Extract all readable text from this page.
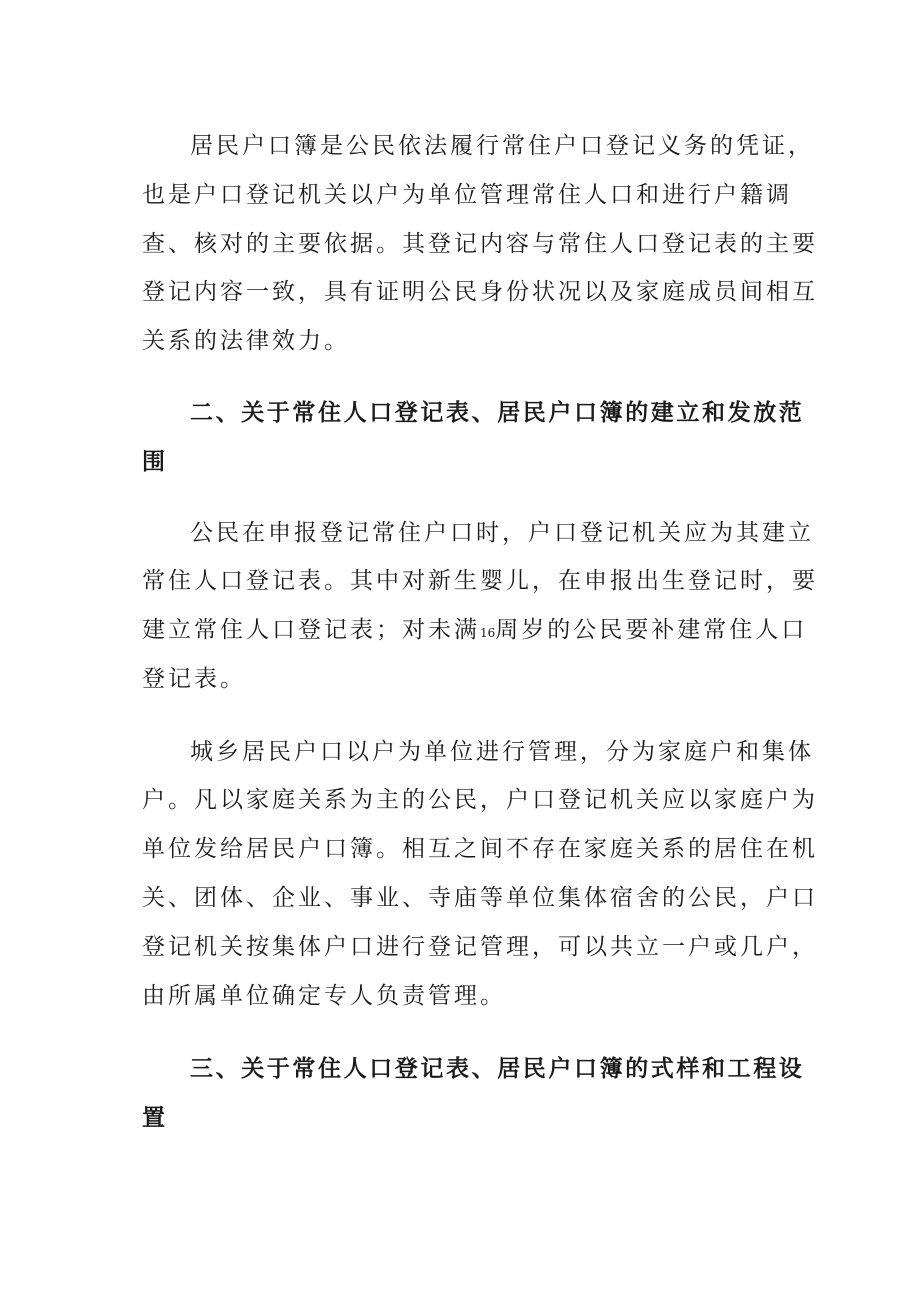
居民户口簿是公民依法履行常住户口登记义务的凭证，
也是户口登记机关以户为单位管理常住人口和进行户籍调
查、核对的主要依据。其登记内容与常住人口登记表的主要
登记内容一致，具有证明公民身份状况以及家庭成员间相互
关系的法律效力。
二、关于常住人口登记表、居民户口簿的建立和发放范
围
公民在申报登记常住户口时，户口登记机关应为其建立
常住人口登记表。其中对新生婴儿，在申报出生登记时，要
建立常住人口登记表；对未满16周岁的公民要补建常住人口
登记表。
城乡居民户口以户为单位进行管理，分为家庭户和集体
户。凡以家庭关系为主的公民，户口登记机关应以家庭户为
单位发给居民户口簿。相互之间不存在家庭关系的居住在机
关、团体、企业、事业、寺庙等单位集体宿舍的公民，户口
登记机关按集体户口进行登记管理，可以共立一户或几户，
由所属单位确定专人负责管理。
三、关于常住人口登记表、居民户口簿的式样和工程设
置
